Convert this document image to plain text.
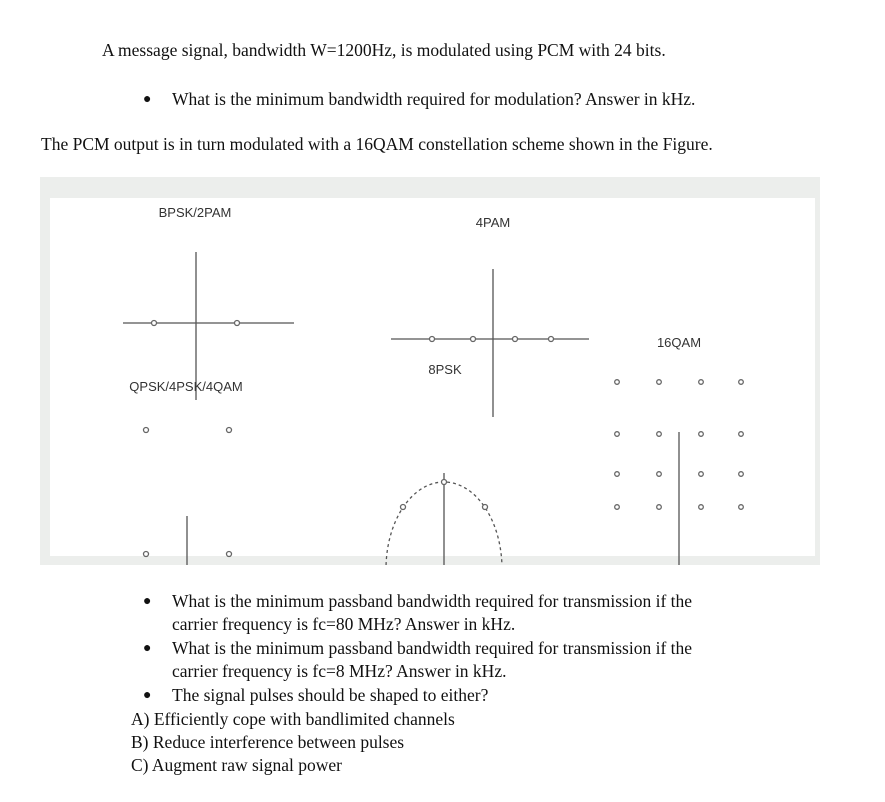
A message signal, bandwidth W=1200Hz, is modulated using PCM with 24 bits.
● What is the minimum bandwidth required for modulation? Answer in kHz.
The PCM output is in turn modulated with a 16QAM constellation scheme shown in the Figure.
BPSK/2PAM
4PAM
QPSK/4PSK/4QAM
8PSK
16QAM
● What is the minimum passband bandwidth required for transmission if the
carrier frequency is fc=80 MHz? Answer in kHz.
● What is the minimum passband bandwidth required for transmission if the
carrier frequency is fc=8 MHz? Answer in kHz.
● The signal pulses should be shaped to either?
A) Efficiently cope with bandlimited channels
B) Reduce interference between pulses
C) Augment raw signal power
